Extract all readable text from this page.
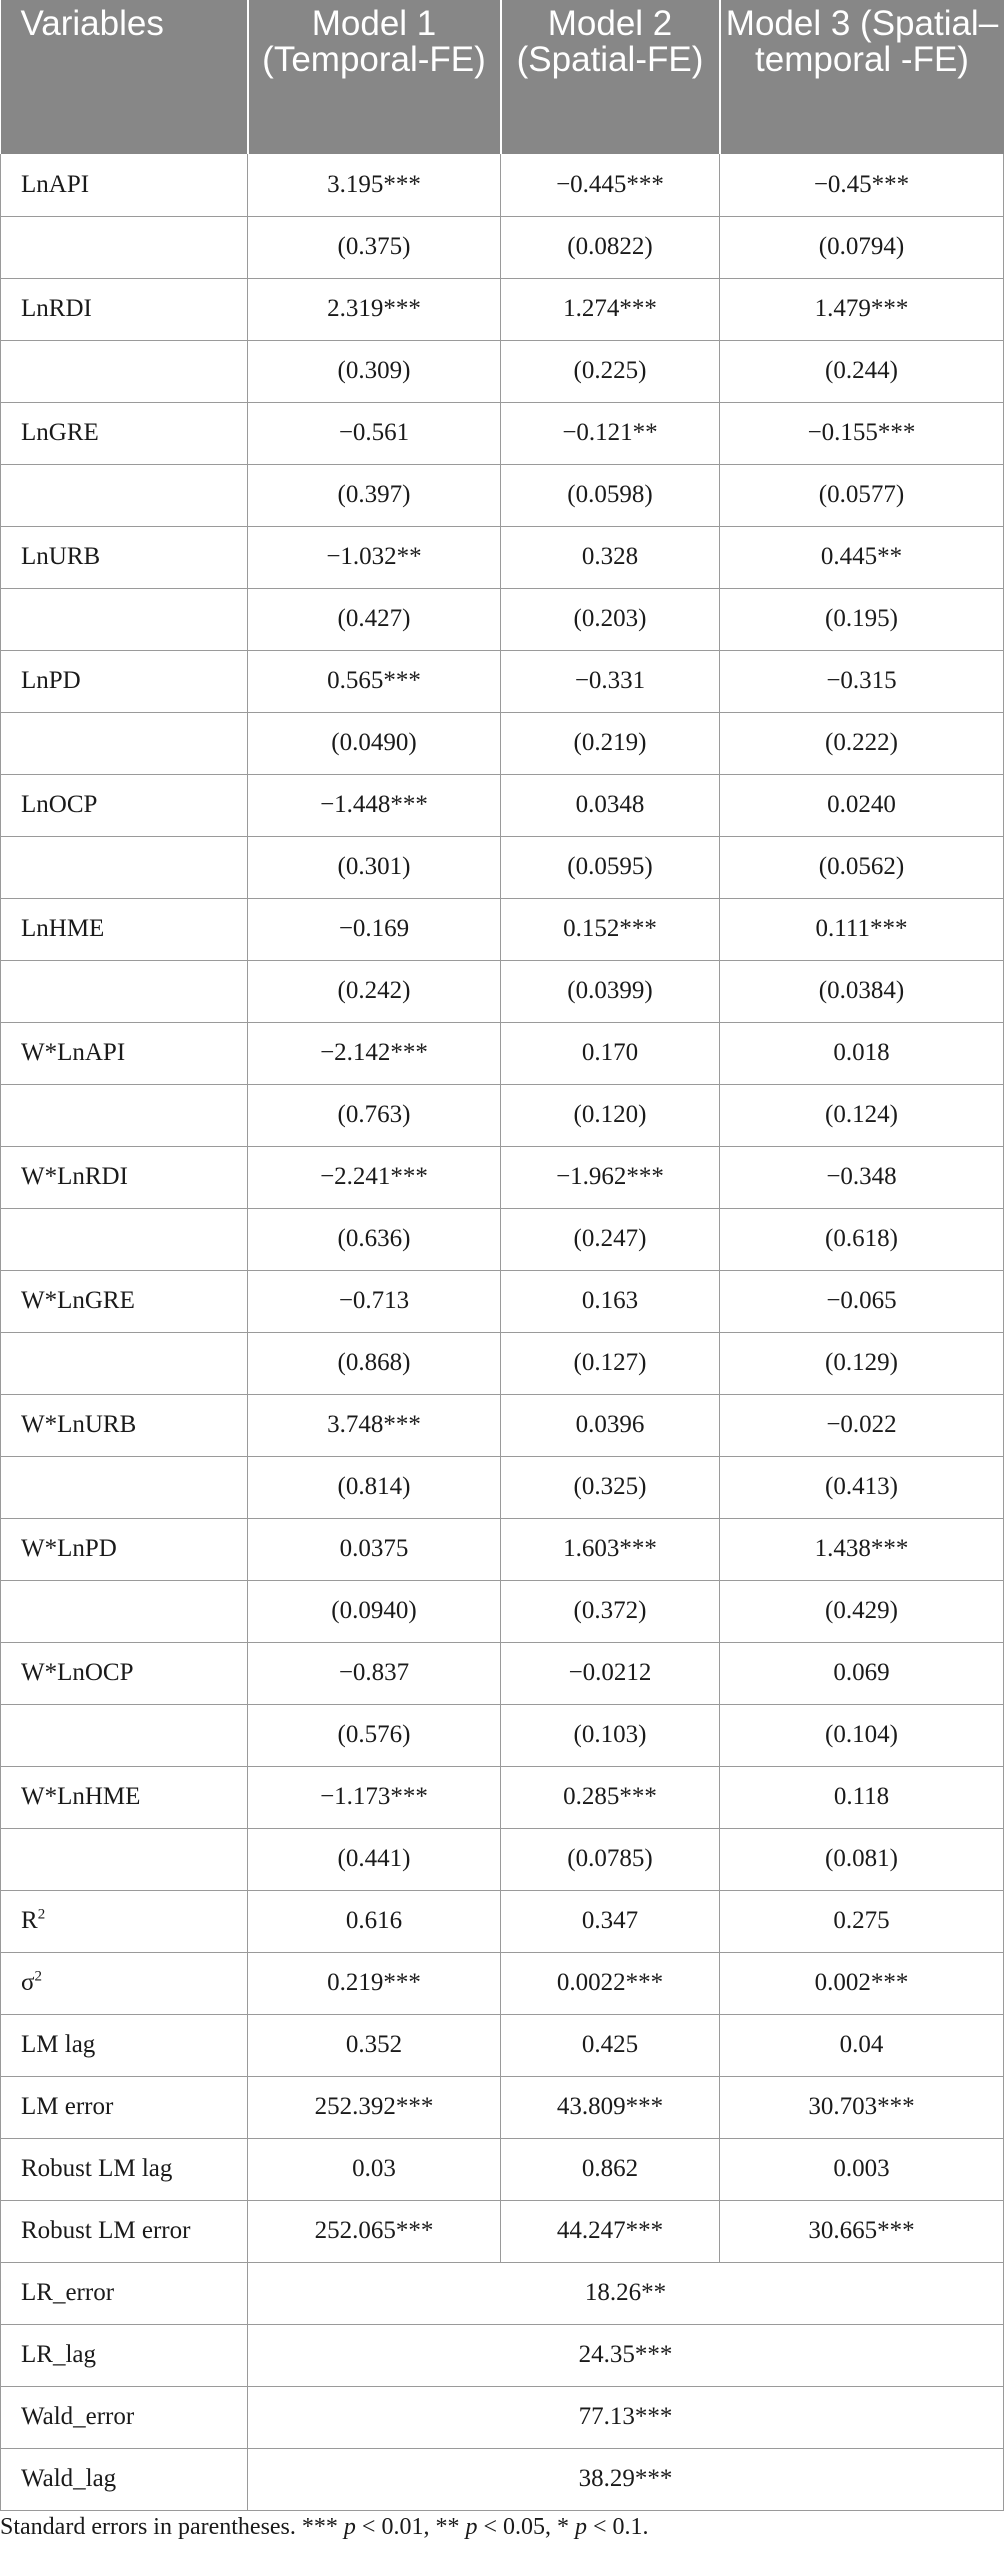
Variables	Model 1 (Temporal-FE)	Model 2 (Spatial-FE)	Model 3 (Spatial–temporal -FE)
LnAPI	3.195***	−0.445***	−0.45***
	(0.375)	(0.0822)	(0.0794)
LnRDI	2.319***	1.274***	1.479***
	(0.309)	(0.225)	(0.244)
LnGRE	−0.561	−0.121**	−0.155***
	(0.397)	(0.0598)	(0.0577)
LnURB	−1.032**	0.328	0.445**
	(0.427)	(0.203)	(0.195)
LnPD	0.565***	−0.331	−0.315
	(0.0490)	(0.219)	(0.222)
LnOCP	−1.448***	0.0348	0.0240
	(0.301)	(0.0595)	(0.0562)
LnHME	−0.169	0.152***	0.111***
	(0.242)	(0.0399)	(0.0384)
W*LnAPI	−2.142***	0.170	0.018
	(0.763)	(0.120)	(0.124)
W*LnRDI	−2.241***	−1.962***	−0.348
	(0.636)	(0.247)	(0.618)
W*LnGRE	−0.713	0.163	−0.065
	(0.868)	(0.127)	(0.129)
W*LnURB	3.748***	0.0396	−0.022
	(0.814)	(0.325)	(0.413)
W*LnPD	0.0375	1.603***	1.438***
	(0.0940)	(0.372)	(0.429)
W*LnOCP	−0.837	−0.0212	0.069
	(0.576)	(0.103)	(0.104)
W*LnHME	−1.173***	0.285***	0.118
	(0.441)	(0.0785)	(0.081)
$R^2$	0.616	0.347	0.275
$\sigma^2$	0.219***	0.0022***	0.002***
LM lag	0.352	0.425	0.04
LM error	252.392***	43.809***	30.703***
Robust LM lag	0.03	0.862	0.003
Robust LM error	252.065***	44.247***	30.665***
LR_error	18.26**		
LR_lag	24.35***		
Wald_error	77.13***		
Wald_lag	38.29***		
Standard errors in parentheses. *** p < 0.01, ** p < 0.05, * p < 0.1.
